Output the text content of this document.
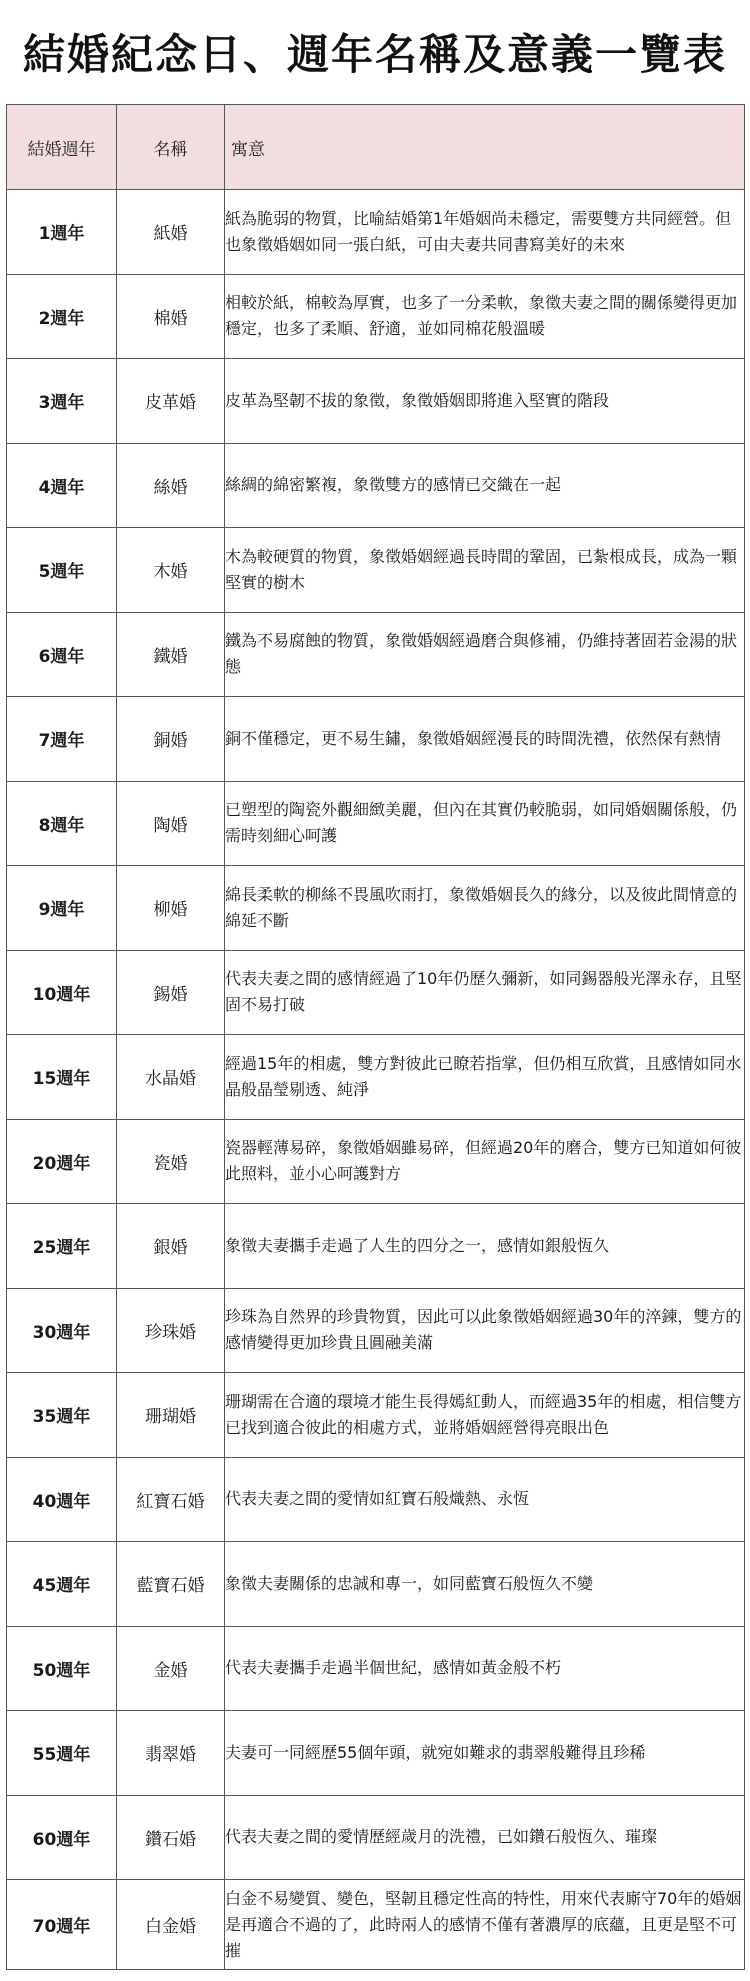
結婚紀念日、週年名稱及意義一覽表
結婚週年	名稱	寓意
1週年	紙婚	紙為脆弱的物質，比喻結婚第1年婚姻尚未穩定，需要雙方共同經營。但也象徵婚姻如同一張白紙，可由夫妻共同書寫美好的未來
2週年	棉婚	相較於紙，棉較為厚實，也多了一分柔軟，象徵夫妻之間的關係變得更加穩定，也多了柔順、舒適，並如同棉花般溫暖
3週年	皮革婚	皮革為堅韌不拔的象徵，象徵婚姻即將進入堅實的階段
4週年	絲婚	絲綢的綿密繁複，象徵雙方的感情已交織在一起
5週年	木婚	木為較硬質的物質，象徵婚姻經過長時間的鞏固，已紮根成長，成為一顆堅實的樹木
6週年	鐵婚	鐵為不易腐蝕的物質，象徵婚姻經過磨合與修補，仍維持著固若金湯的狀態
7週年	銅婚	銅不僅穩定，更不易生鏽，象徵婚姻經漫長的時間洗禮，依然保有熱情
8週年	陶婚	已塑型的陶瓷外觀細緻美麗，但內在其實仍較脆弱，如同婚姻關係般，仍需時刻細心呵護
9週年	柳婚	綿長柔軟的柳絲不畏風吹雨打，象徵婚姻長久的緣分，以及彼此間情意的綿延不斷
10週年	錫婚	代表夫妻之間的感情經過了10年仍歷久彌新，如同錫器般光澤永存，且堅固不易打破
15週年	水晶婚	經過15年的相處，雙方對彼此已瞭若指掌，但仍相互欣賞，且感情如同水晶般晶瑩剔透、純淨
20週年	瓷婚	瓷器輕薄易碎，象徵婚姻雖易碎，但經過20年的磨合，雙方已知道如何彼此照料，並小心呵護對方
25週年	銀婚	象徵夫妻攜手走過了人生的四分之一，感情如銀般恆久
30週年	珍珠婚	珍珠為自然界的珍貴物質，因此可以此象徵婚姻經過30年的淬鍊，雙方的感情變得更加珍貴且圓融美滿
35週年	珊瑚婚	珊瑚需在合適的環境才能生長得嫣紅動人，而經過35年的相處，相信雙方已找到適合彼此的相處方式，並將婚姻經營得亮眼出色
40週年	紅寶石婚	代表夫妻之間的愛情如紅寶石般熾熱、永恆
45週年	藍寶石婚	象徵夫妻關係的忠誠和專一，如同藍寶石般恆久不變
50週年	金婚	代表夫妻攜手走過半個世紀，感情如黃金般不朽
55週年	翡翠婚	夫妻可一同經歷55個年頭，就宛如難求的翡翠般難得且珍稀
60週年	鑽石婚	代表夫妻之間的愛情歷經歲月的洗禮，已如鑽石般恆久、璀璨
70週年	白金婚	白金不易變質、變色，堅韌且穩定性高的特性，用來代表廝守70年的婚姻是再適合不過的了，此時兩人的感情不僅有著濃厚的底蘊，且更是堅不可摧
